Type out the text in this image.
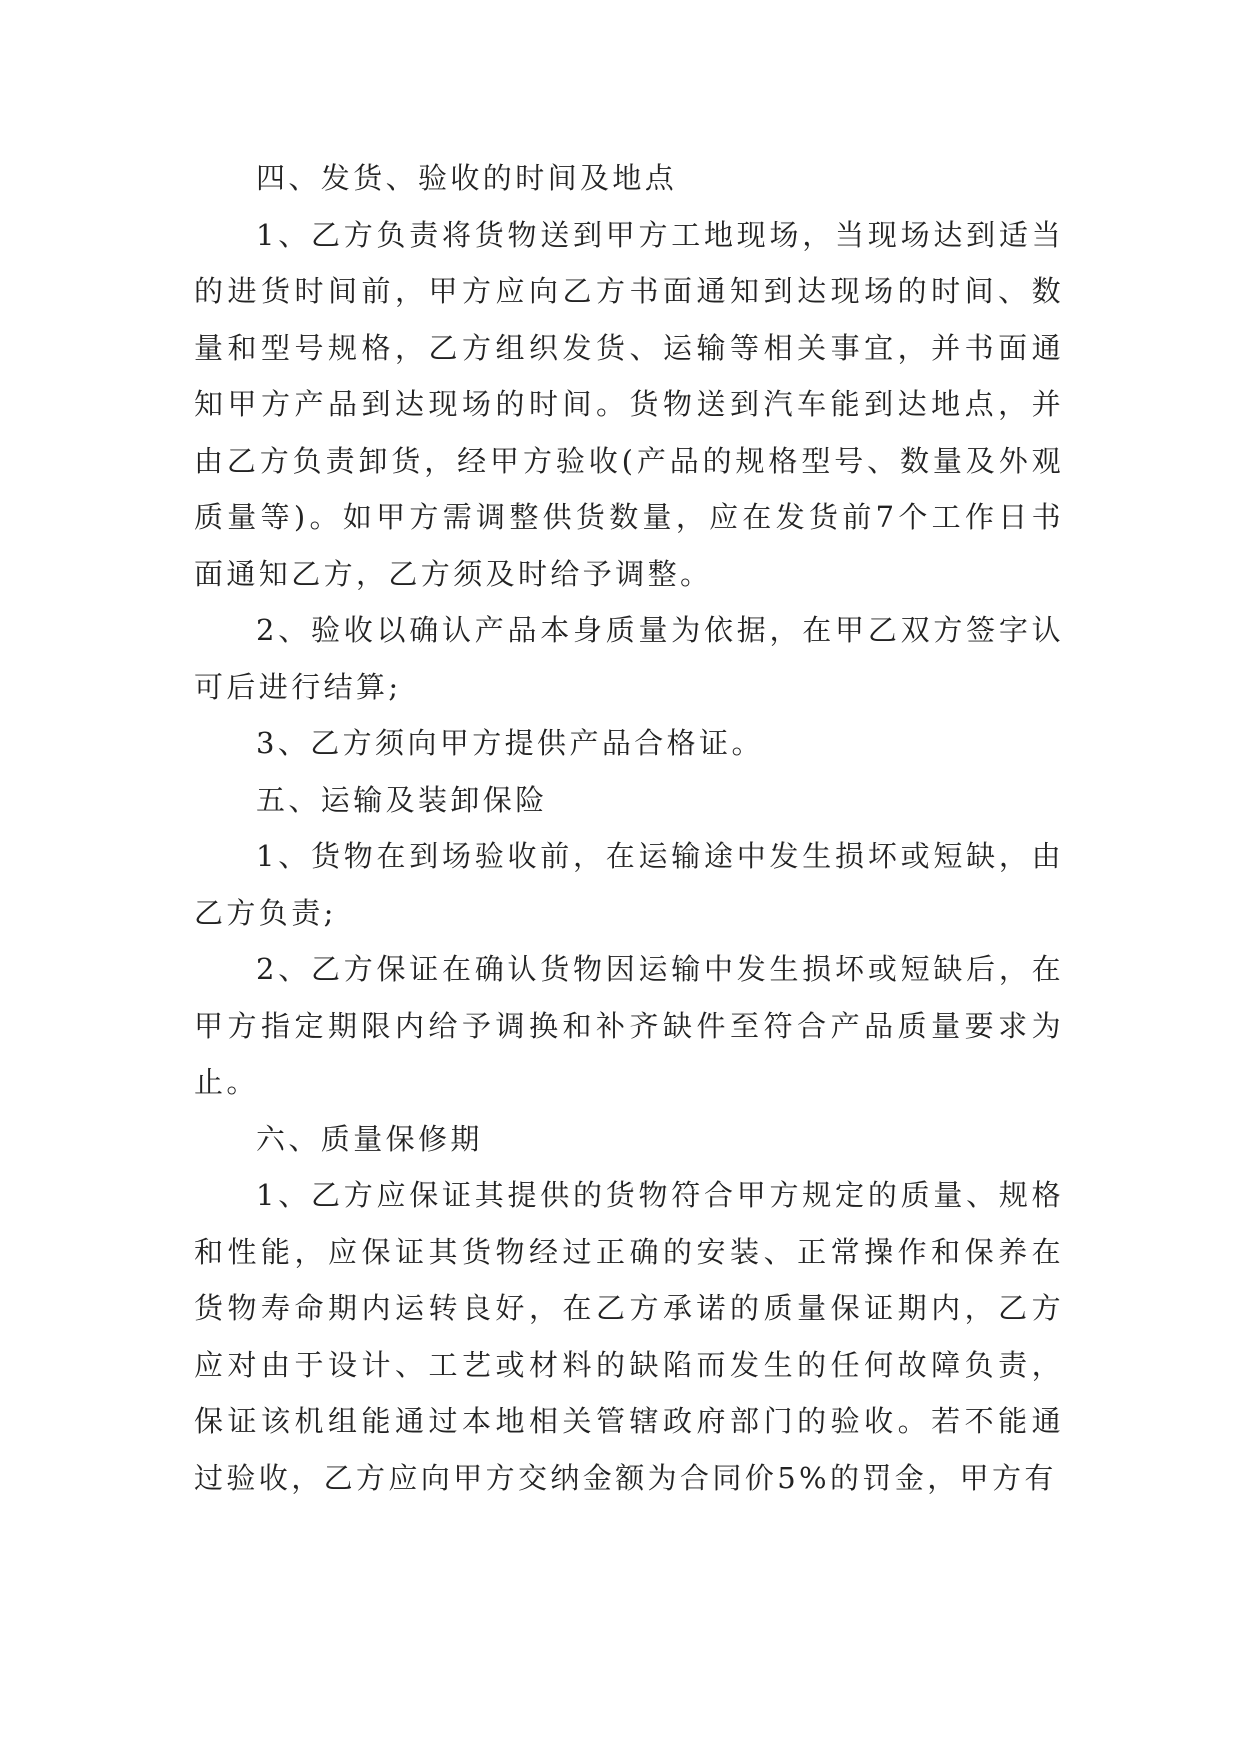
四、发货、验收的时间及地点

1、乙方负责将货物送到甲方工地现场，当现场达到适当的进货时间前，甲方应向乙方书面通知到达现场的时间、数量和型号规格，乙方组织发货、运输等相关事宜，并书面通知甲方产品到达现场的时间。货物送到汽车能到达地点，并由乙方负责卸货，经甲方验收(产品的规格型号、数量及外观质量等)。如甲方需调整供货数量，应在发货前7个工作日书面通知乙方，乙方须及时给予调整。

2、验收以确认产品本身质量为依据，在甲乙双方签字认可后进行结算;

3、乙方须向甲方提供产品合格证。

五、运输及装卸保险

1、货物在到场验收前，在运输途中发生损坏或短缺，由乙方负责;

2、乙方保证在确认货物因运输中发生损坏或短缺后，在甲方指定期限内给予调换和补齐缺件至符合产品质量要求为止。

六、质量保修期

1、乙方应保证其提供的货物符合甲方规定的质量、规格和性能，应保证其货物经过正确的安装、正常操作和保养在货物寿命期内运转良好，在乙方承诺的质量保证期内，乙方应对由于设计、工艺或材料的缺陷而发生的任何故障负责，保证该机组能通过本地相关管辖政府部门的验收。若不能通过验收，乙方应向甲方交纳金额为合同价5%的罚金，甲方有
